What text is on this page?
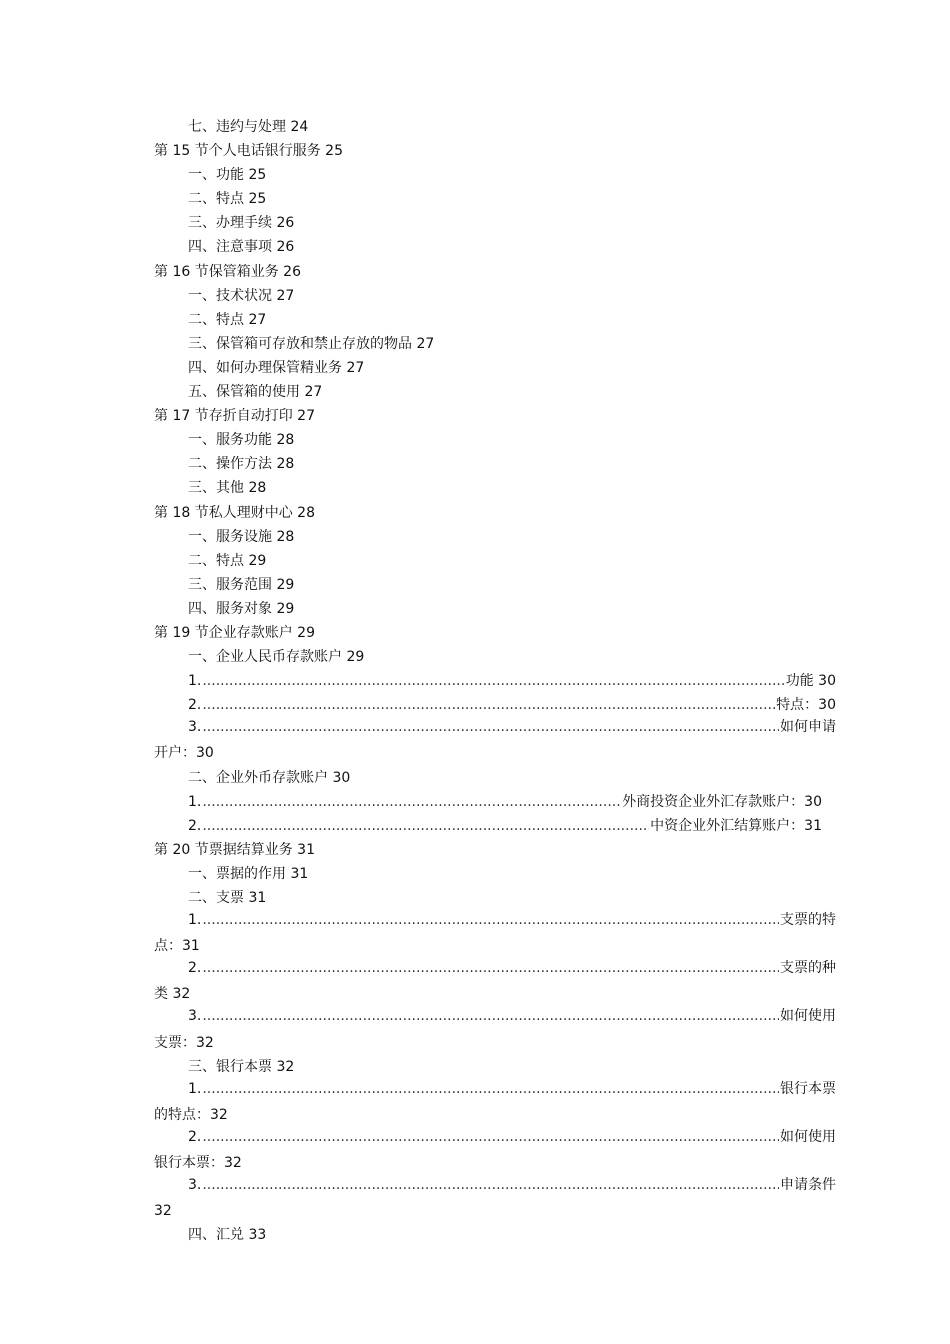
七、违约与处理 24
第 15 节个人电话银行服务 25
一、功能 25
二、特点 25
三、办理手续 26
四、注意事项 26
第 16 节保管箱业务 26
一、技术状况 27
二、特点 27
三、保管箱可存放和禁止存放的物品 27
四、如何办理保管精业务 27
五、保管箱的使用 27
第 17 节存折自动打印 27
一、服务功能 28
二、操作方法 28
三、其他 28
第 18 节私人理财中心 28
一、服务设施 28
二、特点 29
三、服务范围 29
四、服务对象 29
第 19 节企业存款账户 29
一、企业人民币存款账户 29
1. .....	功能 30
2. .....	特点：30
3. .....	如何申请
开户：30
二、企业外币存款账户 30
1. .....	外商投资企业外汇存款账户：30
2. .....	中资企业外汇结算账户：31
第 20 节票据结算业务 31
一、票据的作用 31
二、支票 31
1. .....	支票的特
点：31
2. .....	支票的种
类 32
3. .....	如何使用
支票：32
三、银行本票 32
1. .....	银行本票
的特点：32
2. .....	如何使用
银行本票：32
3. .....	申请条件
32
四、汇兑 33
